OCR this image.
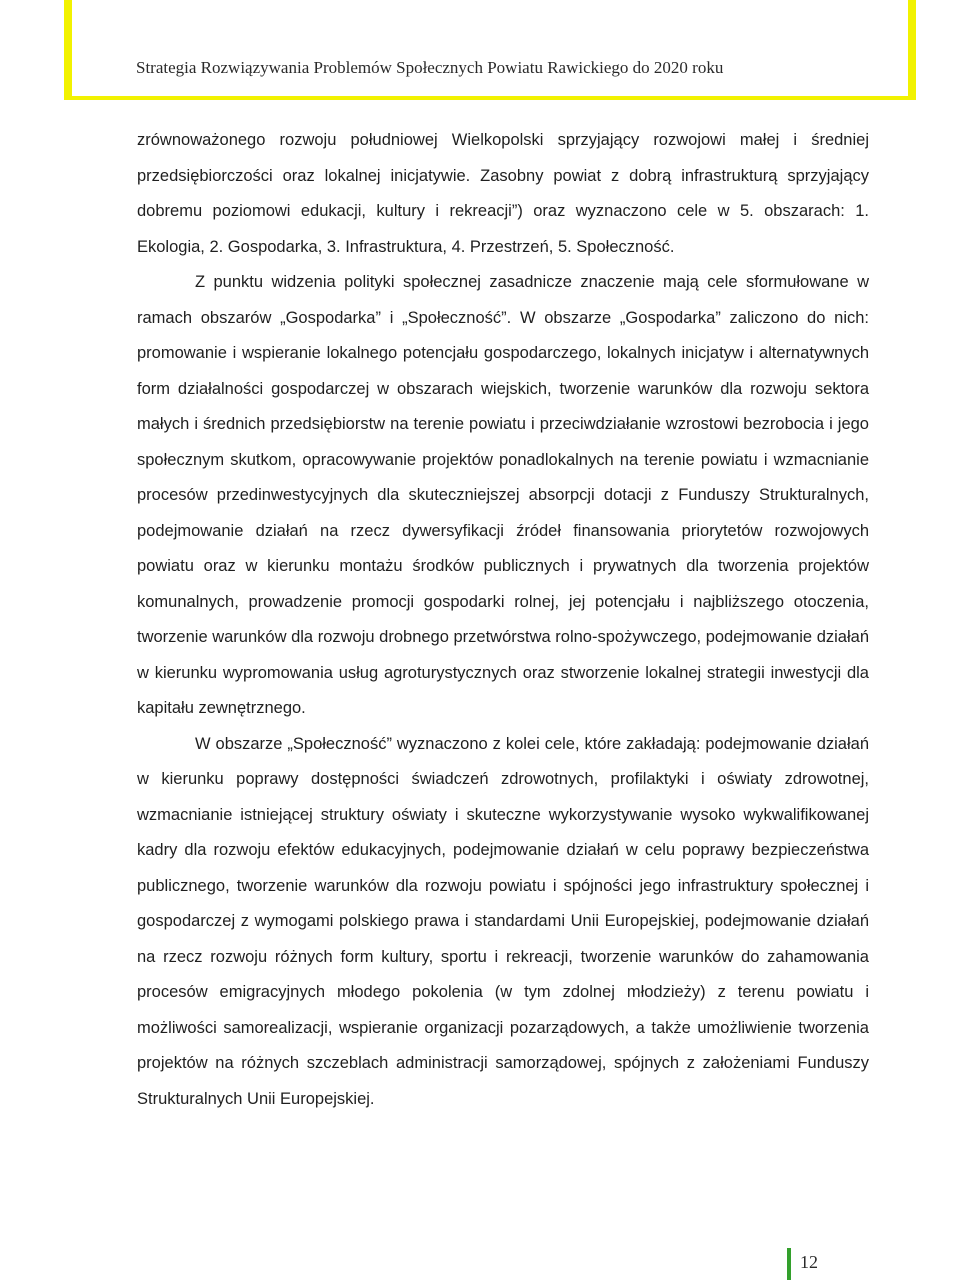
Strategia Rozwiązywania Problemów Społecznych Powiatu Rawickiego do 2020 roku

zrównoważonego rozwoju południowej Wielkopolski sprzyjający rozwojowi małej i średniej przedsiębiorczości oraz lokalnej inicjatywie. Zasobny powiat z dobrą infrastrukturą sprzyjający dobremu poziomowi edukacji, kultury i rekreacji”) oraz wyznaczono cele w 5. obszarach: 1. Ekologia, 2. Gospodarka, 3. Infrastruktura, 4. Przestrzeń, 5. Społeczność.

Z punktu widzenia polityki społecznej zasadnicze znaczenie mają cele sformułowane w ramach obszarów „Gospodarka” i „Społeczność”. W obszarze „Gospodarka” zaliczono do nich: promowanie i wspieranie lokalnego potencjału gospodarczego, lokalnych inicjatyw i alternatywnych form działalności gospodarczej w obszarach wiejskich, tworzenie warunków dla rozwoju sektora małych i średnich przedsiębiorstw na terenie powiatu i przeciwdziałanie wzrostowi bezrobocia i jego społecznym skutkom, opracowywanie projektów ponadlokalnych na terenie powiatu i wzmacnianie procesów przedinwestycyjnych dla skuteczniejszej absorpcji dotacji z Funduszy Strukturalnych, podejmowanie działań na rzecz dywersyfikacji źródeł finansowania priorytetów rozwojowych powiatu oraz w kierunku montażu środków publicznych i prywatnych dla tworzenia projektów komunalnych, prowadzenie promocji gospodarki rolnej, jej potencjału i najbliższego otoczenia, tworzenie warunków dla rozwoju drobnego przetwórstwa rolno-spożywczego, podejmowanie działań w kierunku wypromowania usług agroturystycznych oraz stworzenie lokalnej strategii inwestycji dla kapitału zewnętrznego.

W obszarze „Społeczność” wyznaczono z kolei cele, które zakładają: podejmowanie działań w kierunku poprawy dostępności świadczeń zdrowotnych, profilaktyki i oświaty zdrowotnej, wzmacnianie istniejącej struktury oświaty i skuteczne wykorzystywanie wysoko wykwalifikowanej kadry dla rozwoju efektów edukacyjnych, podejmowanie działań w celu poprawy bezpieczeństwa publicznego, tworzenie warunków dla rozwoju powiatu i spójności jego infrastruktury społecznej i gospodarczej z wymogami polskiego prawa i standardami Unii Europejskiej, podejmowanie działań na rzecz rozwoju różnych form kultury, sportu i rekreacji, tworzenie warunków do zahamowania procesów emigracyjnych młodego pokolenia (w tym zdolnej młodzieży) z terenu powiatu i możliwości samorealizacji, wspieranie organizacji pozarządowych, a także umożliwienie tworzenia projektów na różnych szczeblach administracji samorządowej, spójnych z założeniami Funduszy Strukturalnych Unii Europejskiej.

12
